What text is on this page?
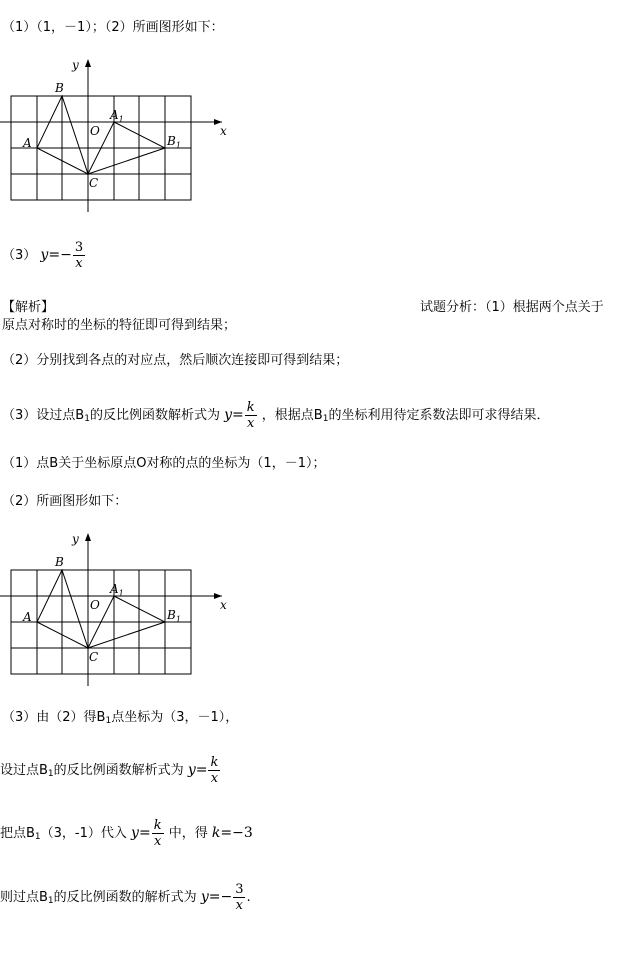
（1）（1，－1）；（2）所画图形如下：
y
x
B
$A_1$
O
A	$B_1$
C
（3） $y=- \frac{3}{x}$
【解析】	试题分析：（1）根据两个点关于
原点对称时的坐标的特征即可得到结果；
（2）分别找到各点的对应点，然后顺次连接即可得到结果；
（3）设过点$B_1$的反比例函数解析式为 $y= \frac{k}{x}$ ，根据点$B_1$的坐标利用待定系数法即可求得结果．
（1）点B关于坐标原点O对称的点的坐标为（1，－1）；
（2）所画图形如下：
y
x
B
$A_1$
O
A	$B_1$
C
（3）由（2）得$B_1$点坐标为（3，－1），
设过点$B_1$的反比例函数解析式为 $y= \frac{k}{x}$
把点$B_1(3$，-1）代入 $y= \frac{k}{x}$ 中，得 k=−3
则过点$B_1$的反比例函数的解析式为 $y=- \frac{3}{x}$ .
